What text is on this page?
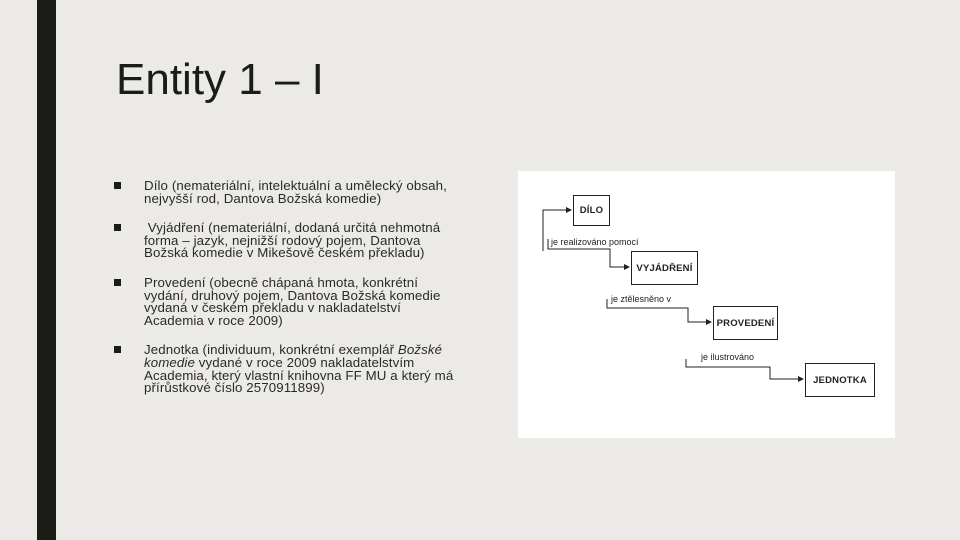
Entity 1 – I
Dílo (nemateriální, intelektuální a umělecký obsah, nejvyšší rod, Dantova Božská komedie)
Vyjádření (nemateriální, dodaná určitá nehmotná forma – jazyk, nejnižší rodový pojem, Dantova Božská komedie v Mikešově českém překladu)
Provedení (obecně chápaná hmota, konkrétní vydání, druhový pojem, Dantova Božská komedie vydaná v českém překladu v nakladatelství Academia v roce 2009)
Jednotka (individuum, konkrétní exemplář Božské komedie vydané v roce 2009 nakladatelstvím Academia, který vlastní knihovna FF MU a který má přírůstkové číslo 2570911899)
DÍLO
je realizováno pomocí
VYJÁDŘENÍ
je ztělesněno v
PROVEDENÍ
je ilustrováno
JEDNOTKA
